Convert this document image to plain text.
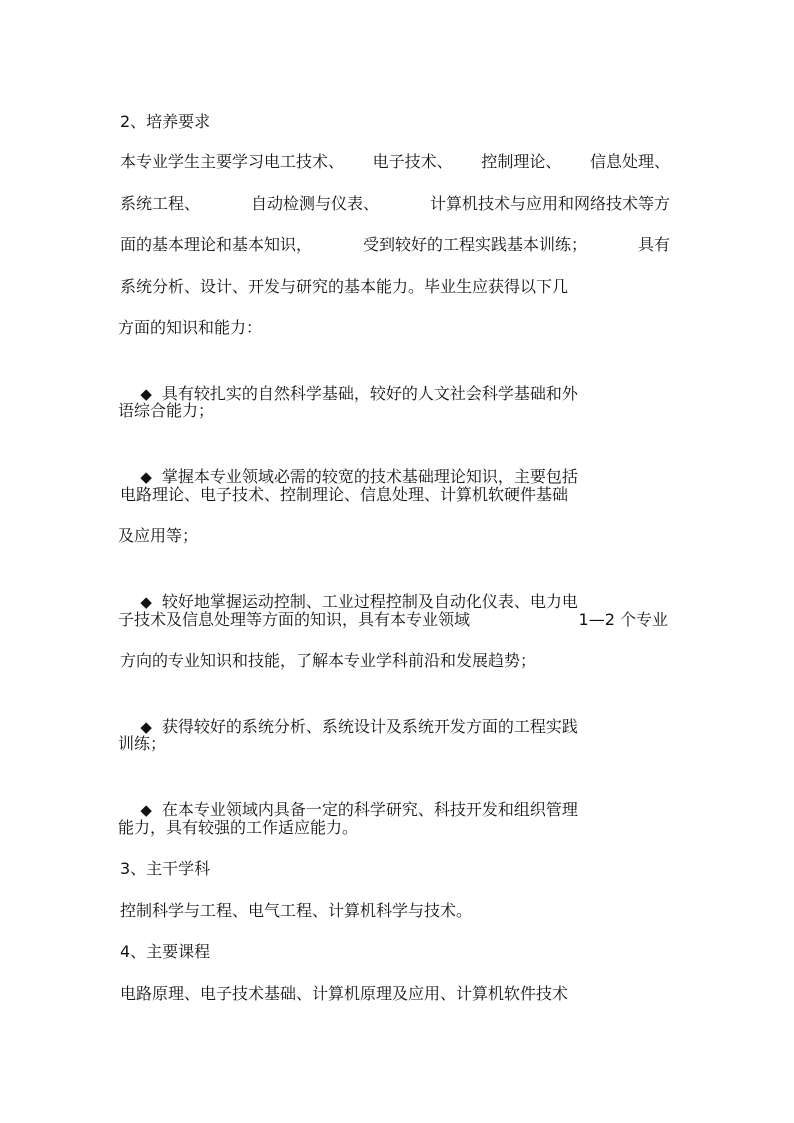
2、培养要求

本专业学生主要学习电工技术、 电子技术、 控制理论、 信息处理、

系统工程、	自动检测与仪表、	计算机技术与应用和网络技术等方

面的基本理论和基本知识，	受到较好的工程实践基本训练；	具有

系统分析、设计、开发与研究的基本能力。毕业生应获得以下几

方面的知识和能力：

◆ 具有较扎实的自然科学基础，较好的人文社会科学基础和外

语综合能力；

◆ 掌握本专业领域必需的较宽的技术基础理论知识，主要包括

电路理论、电子技术、控制理论、信息处理、计算机软硬件基础

及应用等；

◆ 较好地掌握运动控制、工业过程控制及自动化仪表、电力电

子技术及信息处理等方面的知识，具有本专业领域	1—2 个专业

方向的专业知识和技能，了解本专业学科前沿和发展趋势；

◆ 获得较好的系统分析、系统设计及系统开发方面的工程实践

训练；

◆ 在本专业领域内具备一定的科学研究、科技开发和组织管理

能力，具有较强的工作适应能力。

3、主干学科

控制科学与工程、电气工程、计算机科学与技术。

4、主要课程

电路原理、电子技术基础、计算机原理及应用、计算机软件技术
